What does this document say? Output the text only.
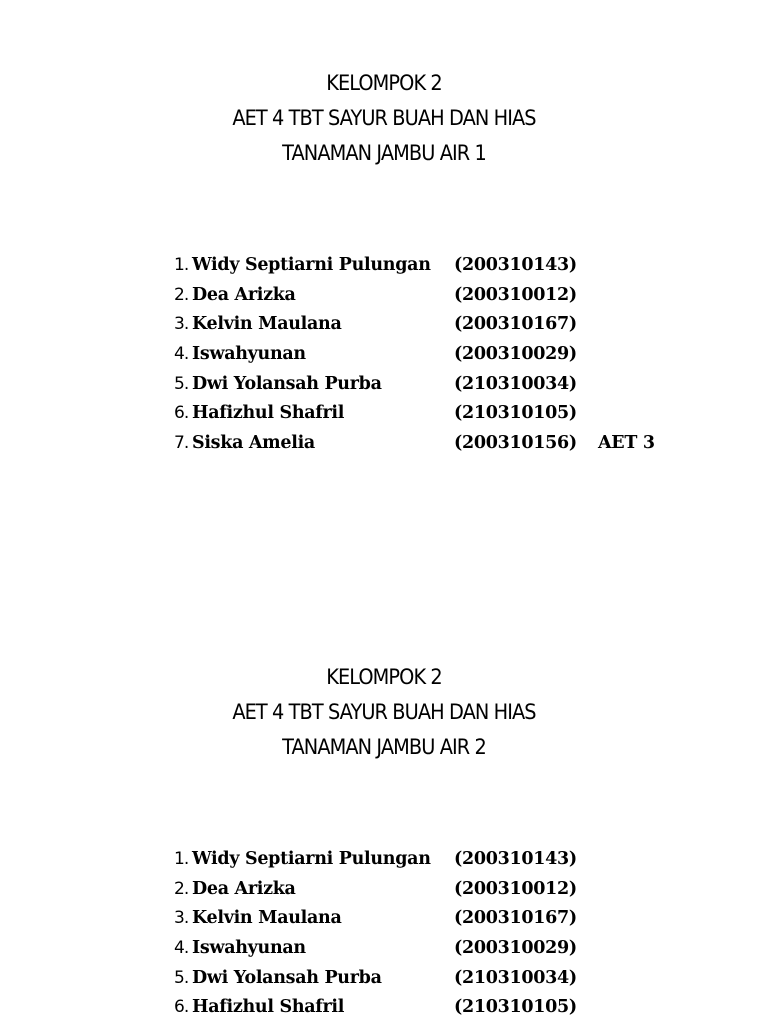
KELOMPOK 2
AET 4 TBT SAYUR BUAH DAN HIAS
TANAMAN JAMBU AIR 1
1. Widy Septiarni Pulungan (200310143)
2. Dea Arizka	(200310012)
3. Kelvin Maulana	(200310167)
4. Iswahyunan	(200310029)
5. Dwi Yolansah Purba	(210310034)
6. Hafizhul Shafril	(210310105)
7. Siska Amelia	(200310156) AET 3
KELOMPOK 2
AET 4 TBT SAYUR BUAH DAN HIAS
TANAMAN JAMBU AIR 2
1. Widy Septiarni Pulungan (200310143)
2. Dea Arizka	(200310012)
3. Kelvin Maulana	(200310167)
4. Iswahyunan	(200310029)
5. Dwi Yolansah Purba	(210310034)
6. Hafizhul Shafril	(210310105)
